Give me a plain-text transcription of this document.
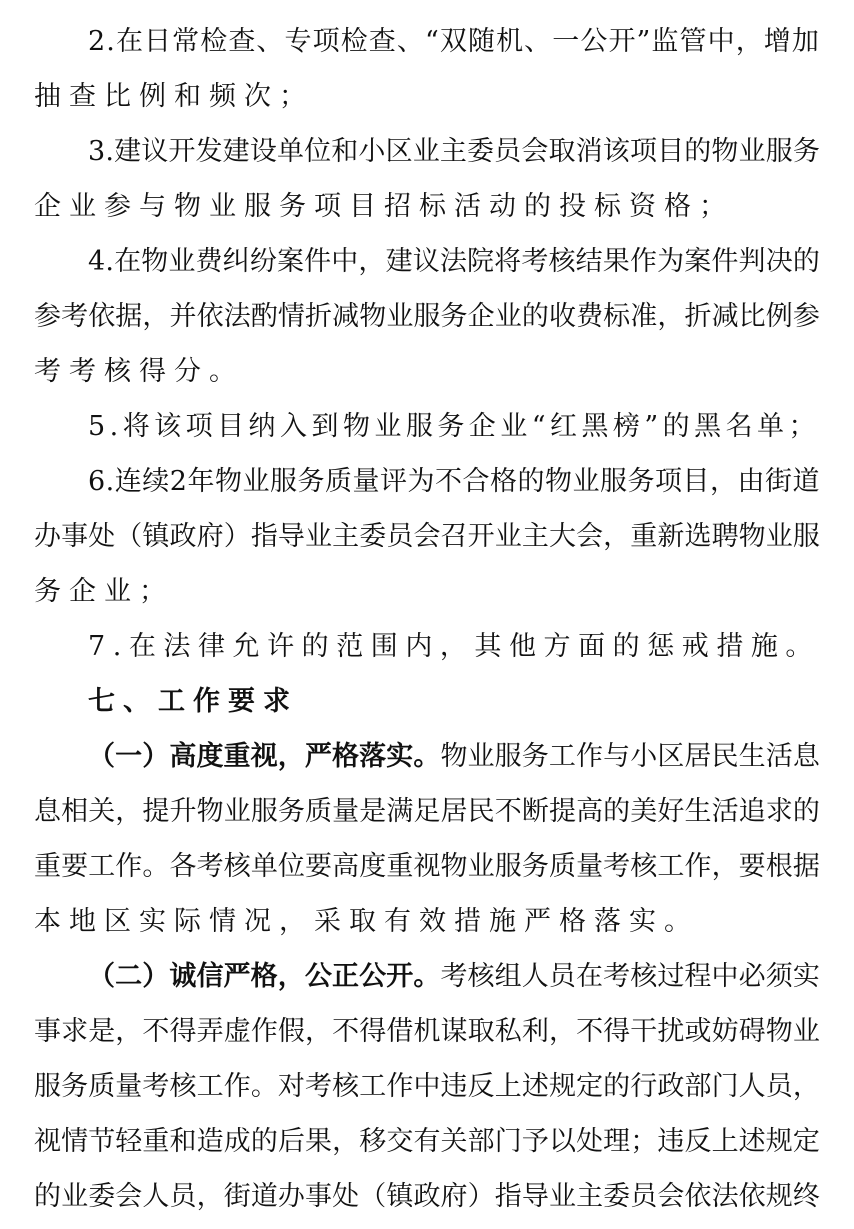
2.在日常检查、专项检查、“双随机、一公开”监管中，增加
抽查比例和频次；
3.建议开发建设单位和小区业主委员会取消该项目的物业服务
企业参与物业服务项目招标活动的投标资格；
4.在物业费纠纷案件中，建议法院将考核结果作为案件判决的
参考依据，并依法酌情折减物业服务企业的收费标准，折减比例参
考考核得分。
5.将该项目纳入到物业服务企业“红黑榜”的黑名单；
6.连续2年物业服务质量评为不合格的物业服务项目，由街道
办事处（镇政府）指导业主委员会召开业主大会，重新选聘物业服
务企业；
7.在法律允许的范围内，其他方面的惩戒措施。
七、工作要求
（一）高度重视，严格落实。物业服务工作与小区居民生活息
息相关，提升物业服务质量是满足居民不断提高的美好生活追求的
重要工作。各考核单位要高度重视物业服务质量考核工作，要根据
本地区实际情况，采取有效措施严格落实。
（二）诚信严格，公正公开。考核组人员在考核过程中必须实
事求是，不得弄虚作假，不得借机谋取私利，不得干扰或妨碍物业
服务质量考核工作。对考核工作中违反上述规定的行政部门人员，
视情节轻重和造成的后果，移交有关部门予以处理；违反上述规定
的业委会人员，街道办事处（镇政府）指导业主委员会依法依规终
